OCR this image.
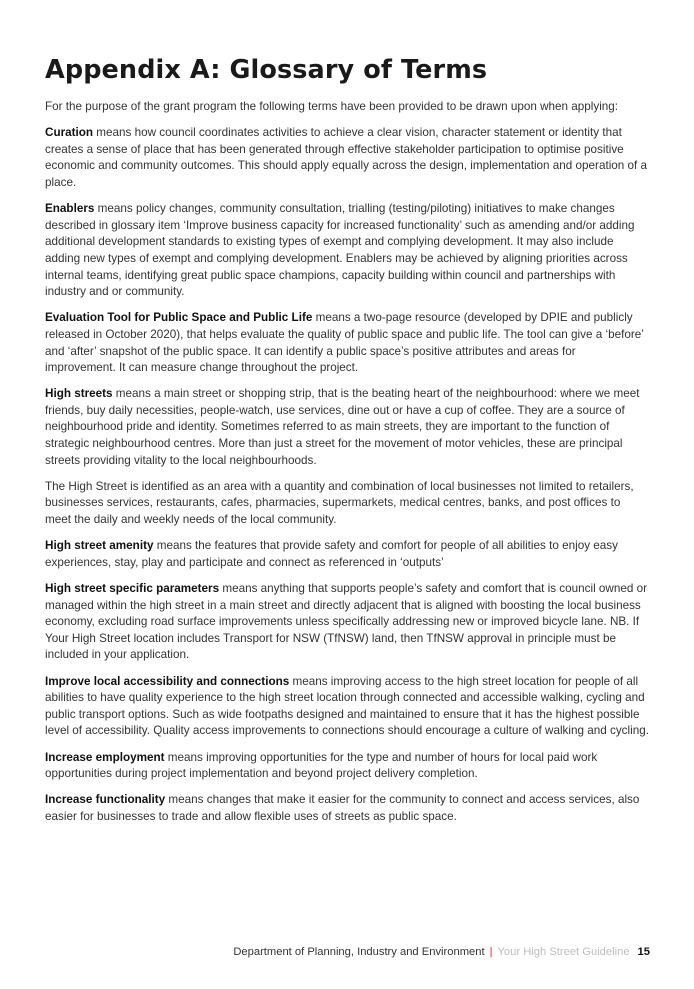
Appendix A: Glossary of Terms

For the purpose of the grant program the following terms have been provided to be drawn upon when applying:

Curation means how council coordinates activities to achieve a clear vision, character statement or identity that creates a sense of place that has been generated through effective stakeholder participation to optimise positive economic and community outcomes. This should apply equally across the design, implementation and operation of a place.

Enablers means policy changes, community consultation, trialling (testing/piloting) initiatives to make changes described in glossary item ‘Improve business capacity for increased functionality’ such as amending and/or adding additional development standards to existing types of exempt and complying development. It may also include adding new types of exempt and complying development. Enablers may be achieved by aligning priorities across internal teams, identifying great public space champions, capacity building within council and partnerships with industry and or community.

Evaluation Tool for Public Space and Public Life means a two-page resource (developed by DPIE and publicly released in October 2020), that helps evaluate the quality of public space and public life. The tool can give a ‘before’ and ‘after’ snapshot of the public space. It can identify a public space’s positive attributes and areas for improvement. It can measure change throughout the project.

High streets means a main street or shopping strip, that is the beating heart of the neighbourhood: where we meet friends, buy daily necessities, people-watch, use services, dine out or have a cup of coffee. They are a source of neighbourhood pride and identity. Sometimes referred to as main streets, they are important to the function of strategic neighbourhood centres. More than just a street for the movement of motor vehicles, these are principal streets providing vitality to the local neighbourhoods.

The High Street is identified as an area with a quantity and combination of local businesses not limited to retailers, businesses services, restaurants, cafes, pharmacies, supermarkets, medical centres, banks, and post offices to meet the daily and weekly needs of the local community.

High street amenity means the features that provide safety and comfort for people of all abilities to enjoy easy experiences, stay, play and participate and connect as referenced in ‘outputs’

High street specific parameters means anything that supports people’s safety and comfort that is council owned or managed within the high street in a main street and directly adjacent that is aligned with boosting the local business economy, excluding road surface improvements unless specifically addressing new or improved bicycle lane. NB. If Your High Street location includes Transport for NSW (TfNSW) land, then TfNSW approval in principle must be included in your application.

Improve local accessibility and connections means improving access to the high street location for people of all abilities to have quality experience to the high street location through connected and accessible walking, cycling and public transport options. Such as wide footpaths designed and maintained to ensure that it has the highest possible level of accessibility. Quality access improvements to connections should encourage a culture of walking and cycling.

Increase employment means improving opportunities for the type and number of hours for local paid work opportunities during project implementation and beyond project delivery completion.

Increase functionality means changes that make it easier for the community to connect and access services, also easier for businesses to trade and allow flexible uses of streets as public space.

Department of Planning, Industry and Environment | Your High Street Guideline 15
